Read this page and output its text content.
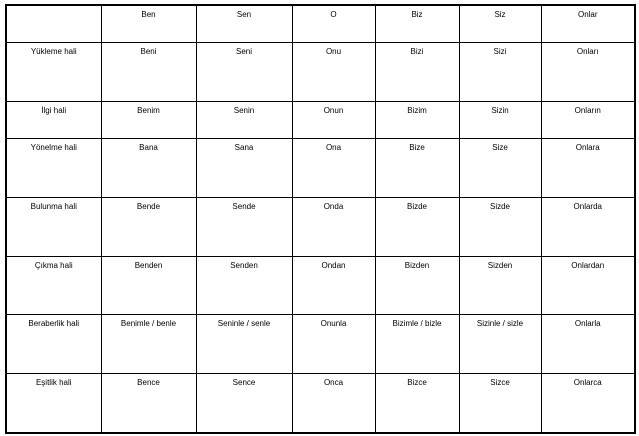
	Ben	Sen	O	Biz	Siz	Onlar
Yükleme hali	Beni	Seni	Onu	Bizi	Sizi	Onları
İlgi hali	Benim	Senin	Onun	Bizim	Sizin	Onların
Yönelme hali	Bana	Sana	Ona	Bize	Size	Onlara
Bulunma hali	Bende	Sende	Onda	Bizde	Sizde	Onlarda
Çıkma hali	Benden	Senden	Ondan	Bizden	Sizden	Onlardan
Beraberlik hali	Benimle / benle	Seninle / senle	Onunla	Bizimle / bizle	Sizinle / sizle	Onlarla
Eşitlik hali	Bence	Sence	Onca	Bizce	Sizce	Onlarca
